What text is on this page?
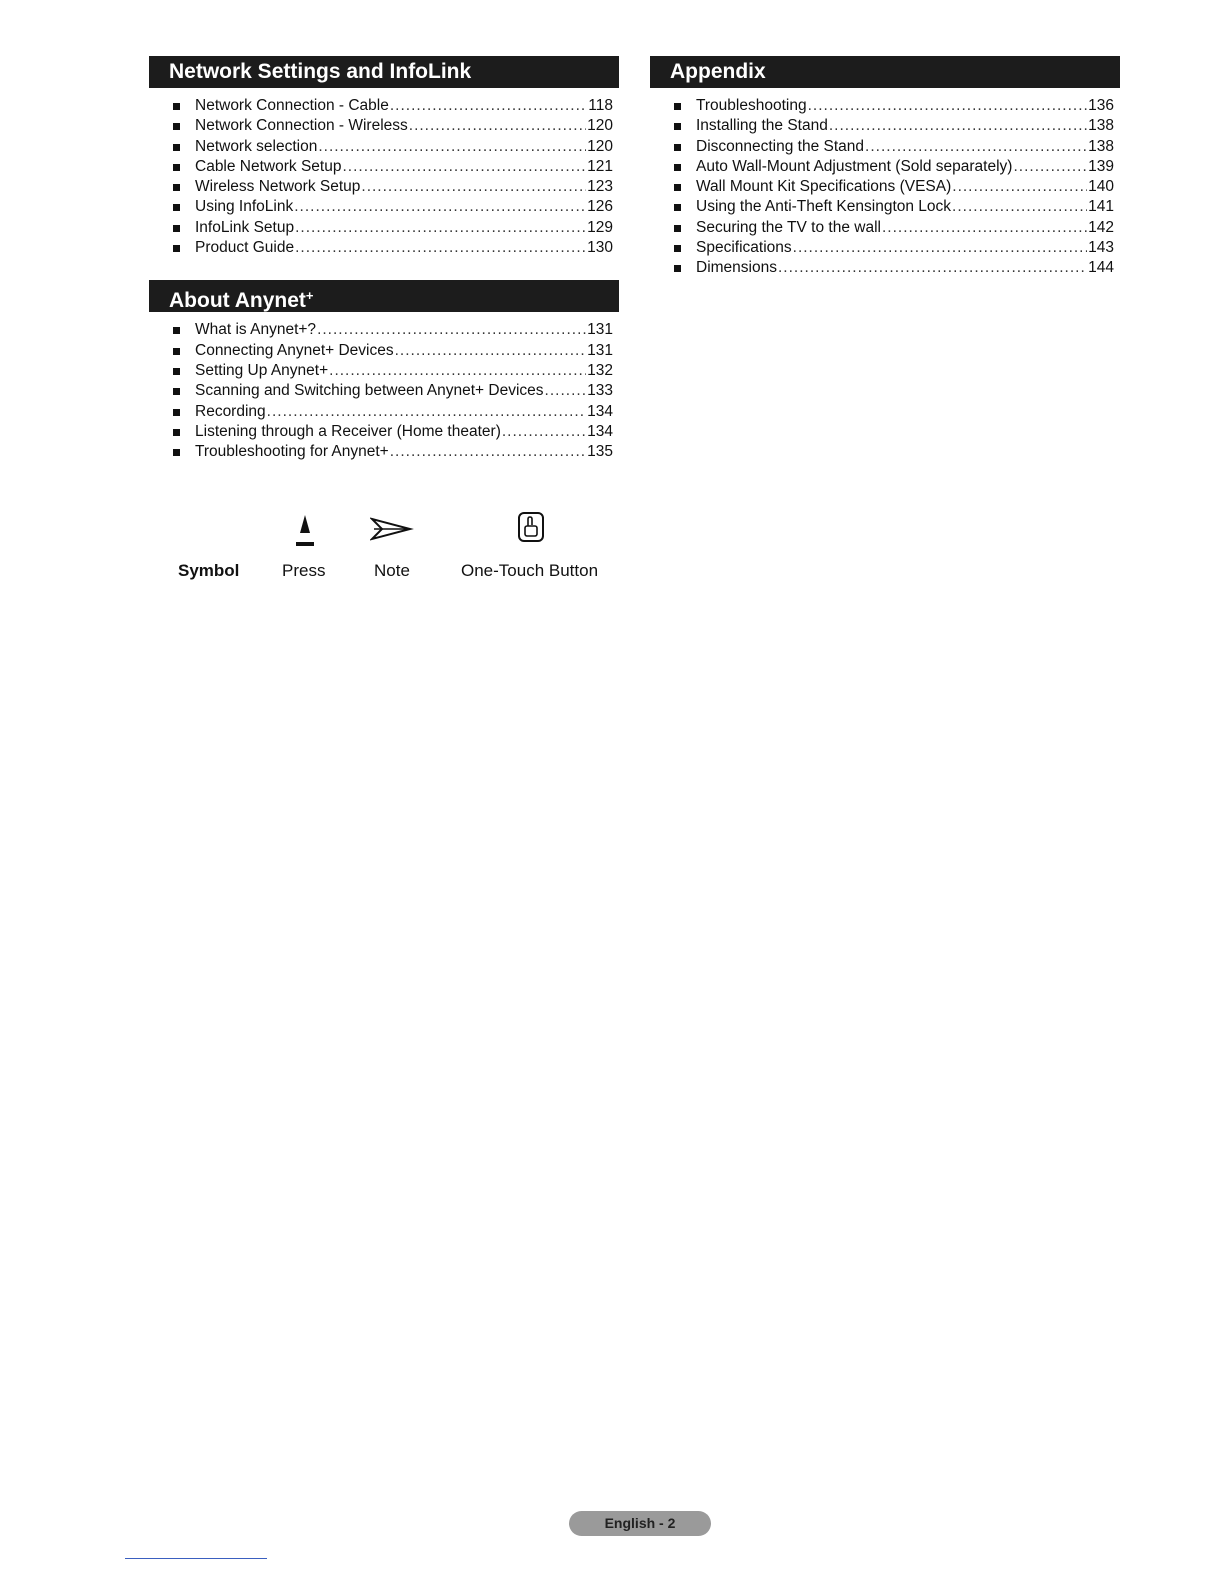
Network Settings and InfoLink
Network Connection - Cable .....	118
Network Connection - Wireless .....	120
Network selection .....	120
Cable Network Setup .....	121
Wireless Network Setup .....	123
Using InfoLink .....	126
InfoLink Setup .....	129
Product Guide .....	130
About Anynet+
What is Anynet+? .....	131
Connecting Anynet+ Devices .....	131
Setting Up Anynet+ .....	132
Scanning and Switching between Anynet+ Devices .....	133
Recording .....	134
Listening through a Receiver (Home theater) .....	134
Troubleshooting for Anynet+ .....	135
Appendix
Troubleshooting .....	136
Installing the Stand .....	138
Disconnecting the Stand .....	138
Auto Wall-Mount Adjustment (Sold separately) .....	139
Wall Mount Kit Specifications (VESA) .....	140
Using the Anti-Theft Kensington Lock .....	141
Securing the TV to the wall .....	142
Specifications .....	143
Dimensions .....	144
Symbol	Press	Note	One-Touch Button
English - 2
